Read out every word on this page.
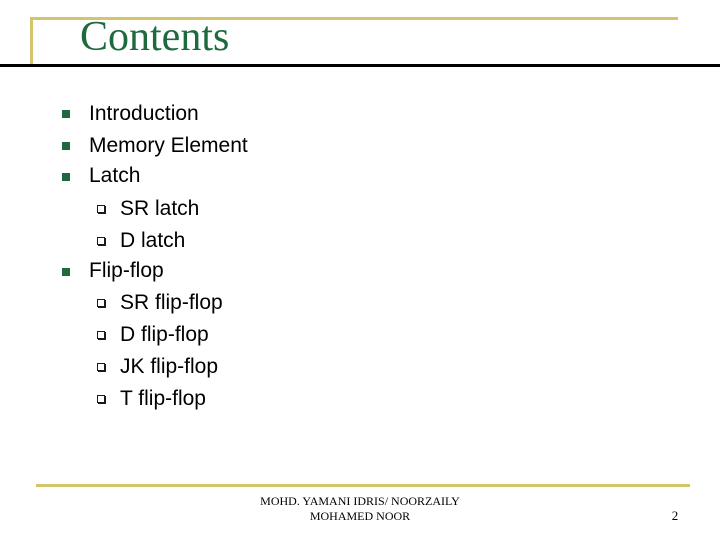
Contents
Introduction
Memory Element
Latch
SR latch
D latch
Flip-flop
SR flip-flop
D flip-flop
JK flip-flop
T flip-flop
MOHD. YAMANI IDRIS/ NOORZAILY
MOHAMED NOOR	2
